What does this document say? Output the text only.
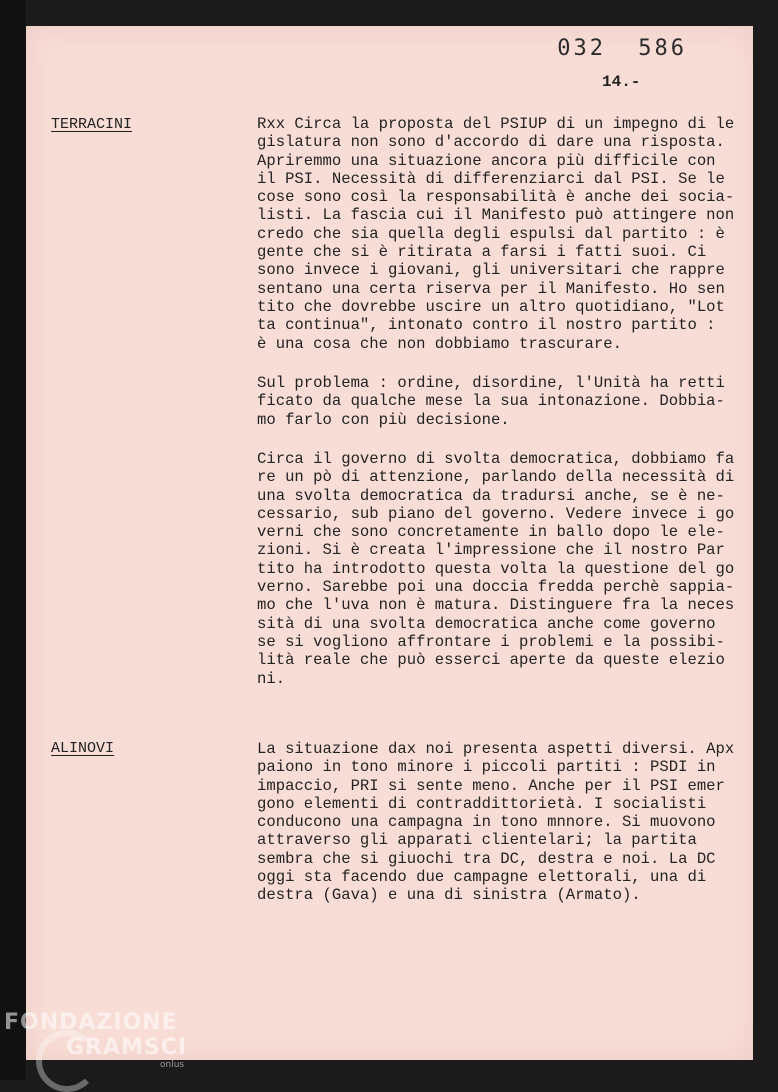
032 586
14.-
TERRACINI	Rxx Circa la proposta del PSIUP di un impegno di le
gislatura non sono d'accordo di dare una risposta.
Apriremmo una situazione ancora più difficile con
il PSI. Necessità di differenziarci dal PSI. Se le
cose sono così la responsabilità è anche dei socia-
listi. La fascia cui il Manifesto può attingere non
credo che sia quella degli espulsi dal partito : è
gente che si è ritirata a farsi i fatti suoi. Ci
sono invece i giovani, gli universitari che rappre
sentano una certa riserva per il Manifesto. Ho sen
tito che dovrebbe uscire un altro quotidiano, "Lot
ta continua", intonato contro il nostro partito :
è una cosa che non dobbiamo trascurare.

Sul problema : ordine, disordine, l'Unità ha retti
ficato da qualche mese la sua intonazione. Dobbia-
mo farlo con più decisione.

Circa il governo di svolta democratica, dobbiamo fa
re un pò di attenzione, parlando della necessità di
una svolta democratica da tradursi anche, se è ne-
cessario, sub piano del governo. Vedere invece i go
verni che sono concretamente in ballo dopo le ele-
zioni. Si è creata l'impressione che il nostro Par
tito ha introdotto questa volta la questione del go
verno. Sarebbe poi una doccia fredda perchè sappia-
mo che l'uva non è matura. Distinguere fra la neces
sità di una svolta democratica anche come governo
se si vogliono affrontare i problemi e la possibi-
lità reale che può esserci aperte da queste elezio
ni.

ALINOVI	La situazione dax noi presenta aspetti diversi. Apx
paiono in tono minore i piccoli partiti : PSDI in
impaccio, PRI si sente meno. Anche per il PSI emer
gono elementi di contraddittorietà. I socialisti
conducono una campagna in tono mnnore. Si muovono
attraverso gli apparati clientelari; la partita
sembra che si giuochi tra DC, destra e noi. La DC
oggi sta facendo due campagne elettorali, una di
destra (Gava) e una di sinistra (Armato).

FONDAZIONE
GRAMSCI
onlus
